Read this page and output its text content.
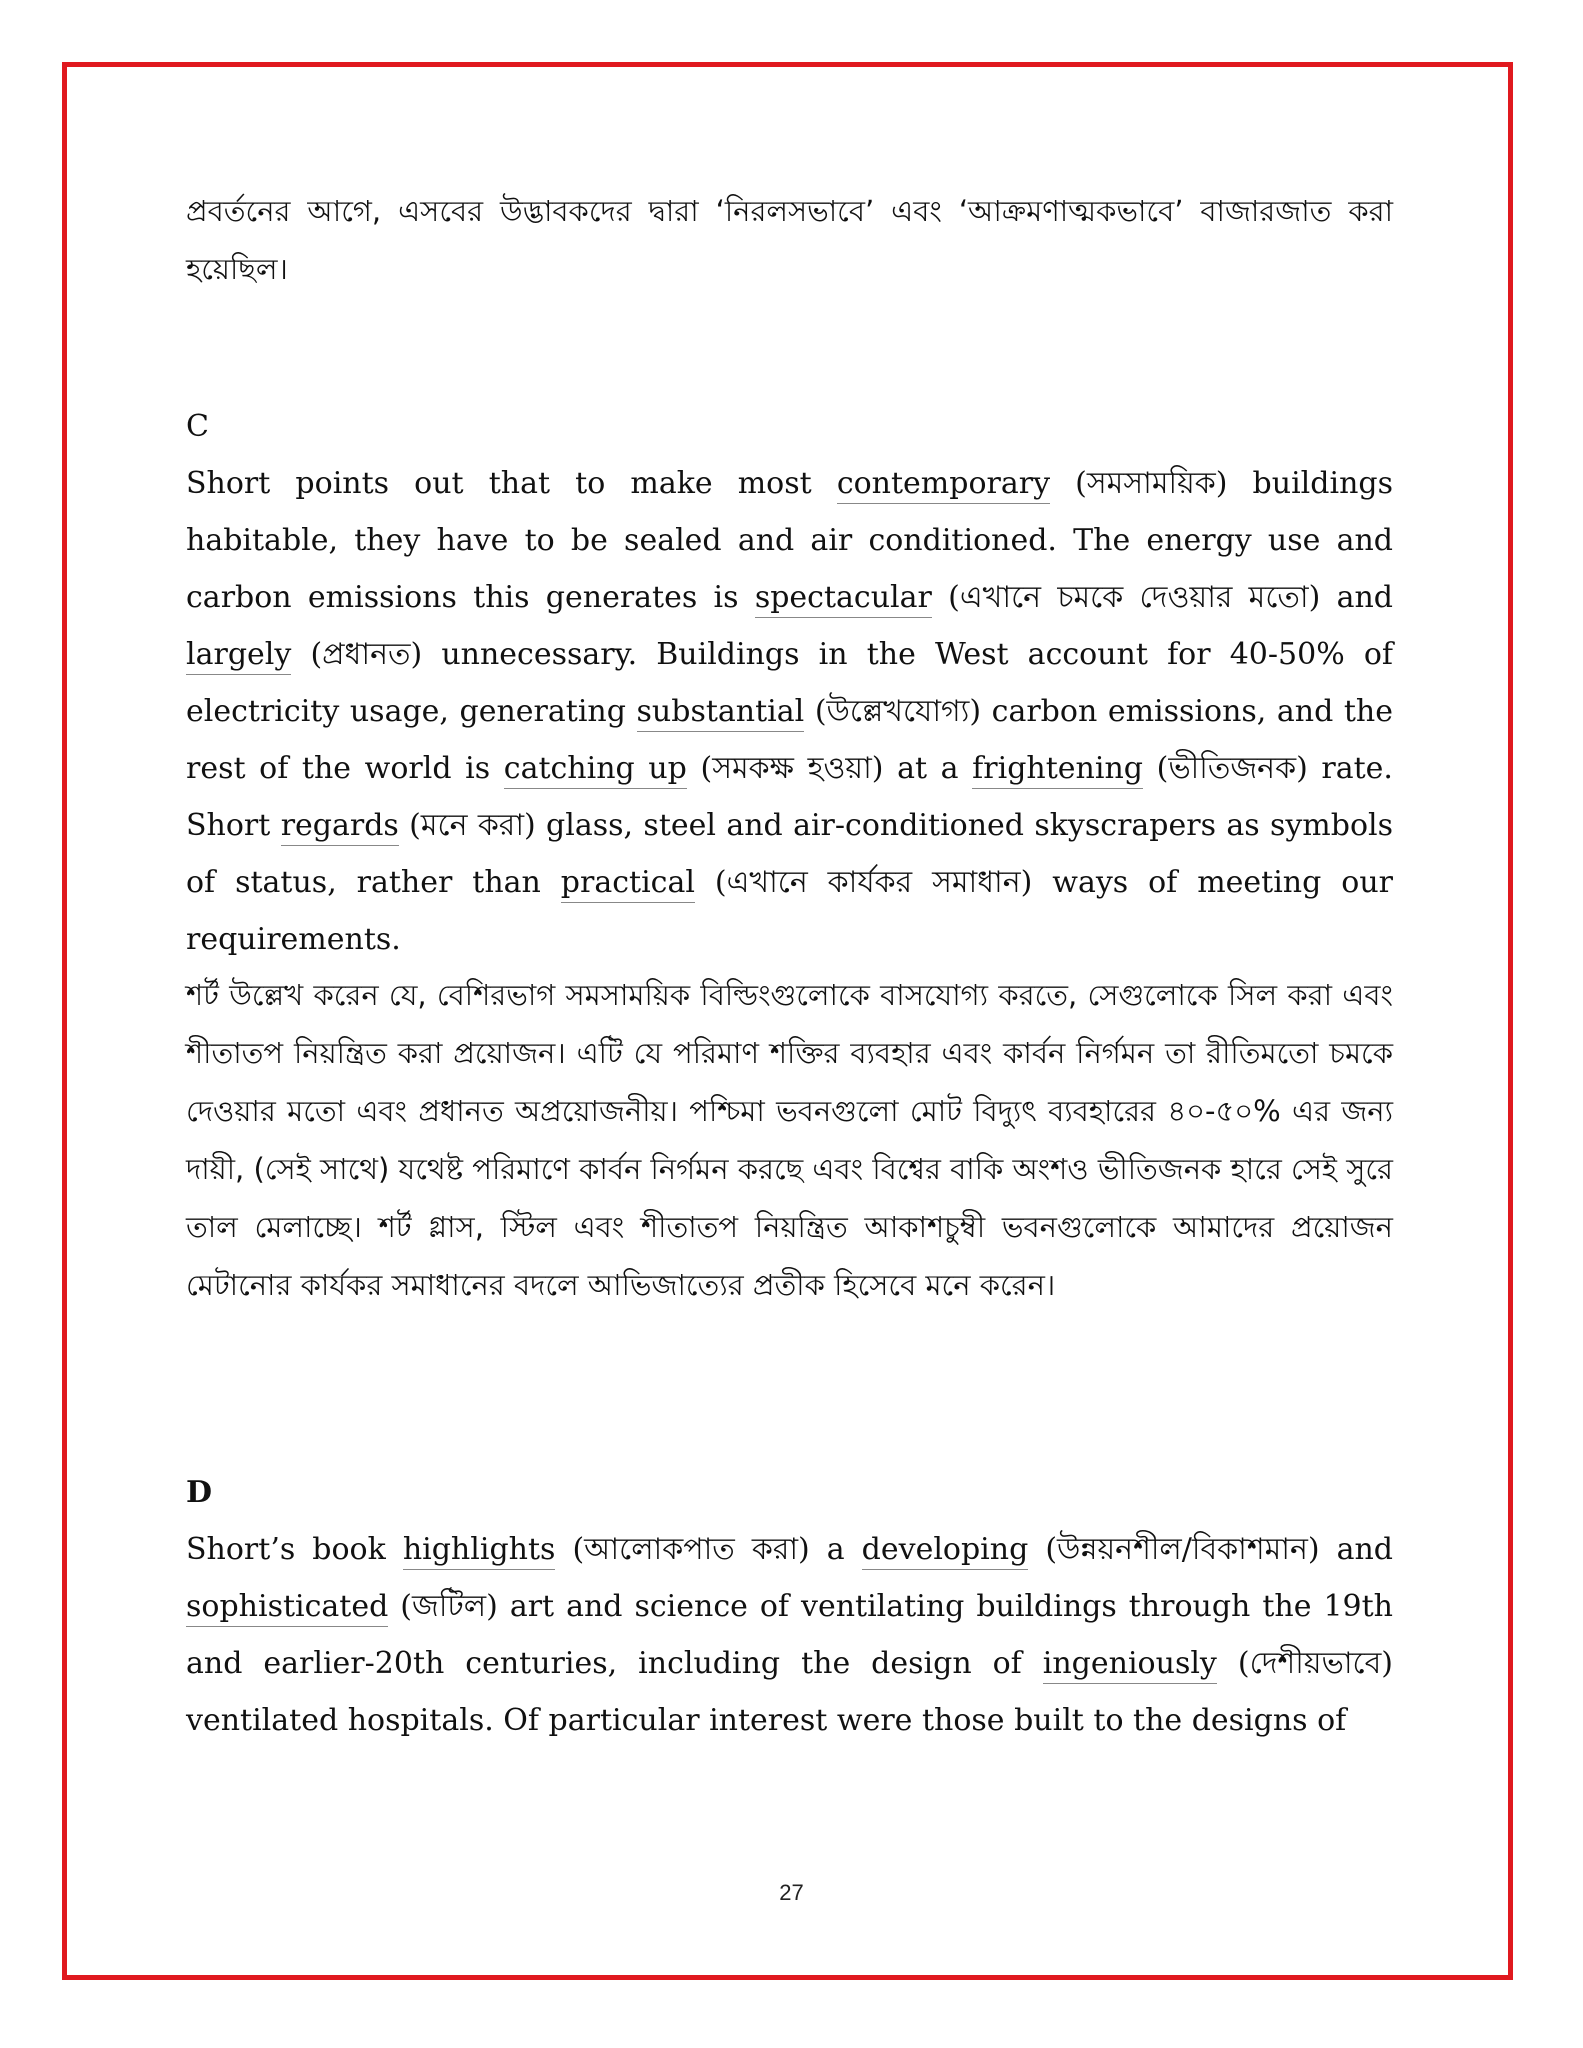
প্রবর্তনের আগে, এসবের উদ্ভাবকদের দ্বারা ‘নিরলসভাবে’ এবং ‘আক্রমণাত্মকভাবে’ বাজারজাত করা হয়েছিল।

C

Short points out that to make most contemporary (সমসাময়িক) buildings habitable, they have to be sealed and air conditioned. The energy use and carbon emissions this generates is spectacular (এখানে চমকে দেওয়ার মতো) and largely (প্রধানত) unnecessary. Buildings in the West account for 40-50% of electricity usage, generating substantial (উল্লেখযোগ্য) carbon emissions, and the rest of the world is catching up (সমকক্ষ হওয়া) at a frightening (ভীতিজনক) rate. Short regards (মনে করা) glass, steel and air-conditioned skyscrapers as symbols of status, rather than practical (এখানে কার্যকর সমাধান) ways of meeting our requirements.

শর্ট উল্লেখ করেন যে, বেশিরভাগ সমসাময়িক বিল্ডিংগুলোকে বাসযোগ্য করতে, সেগুলোকে সিল করা এবং শীতাতপ নিয়ন্ত্রিত করা প্রয়োজন। এটি যে পরিমাণ শক্তির ব্যবহার এবং কার্বন নির্গমন তা রীতিমতো চমকে দেওয়ার মতো এবং প্রধানত অপ্রয়োজনীয়। পশ্চিমা ভবনগুলো মোট বিদ্যুৎ ব্যবহারের ৪০-৫০% এর জন্য দায়ী, (সেই সাথে) যথেষ্ট পরিমাণে কার্বন নির্গমন করছে এবং বিশ্বের বাকি অংশও ভীতিজনক হারে সেই সুরে তাল মেলাচ্ছে। শর্ট গ্লাস, স্টিল এবং শীতাতপ নিয়ন্ত্রিত আকাশচুম্বী ভবনগুলোকে আমাদের প্রয়োজন মেটানোর কার্যকর সমাধানের বদলে আভিজাত্যের প্রতীক হিসেবে মনে করেন।

D

Short’s book highlights (আলোকপাত করা) a developing (উন্নয়নশীল/বিকাশমান) and sophisticated (জটিল) art and science of ventilating buildings through the 19th and earlier-20th centuries, including the design of ingeniously (দেশীয়ভাবে) ventilated hospitals. Of particular interest were those built to the designs of

27
